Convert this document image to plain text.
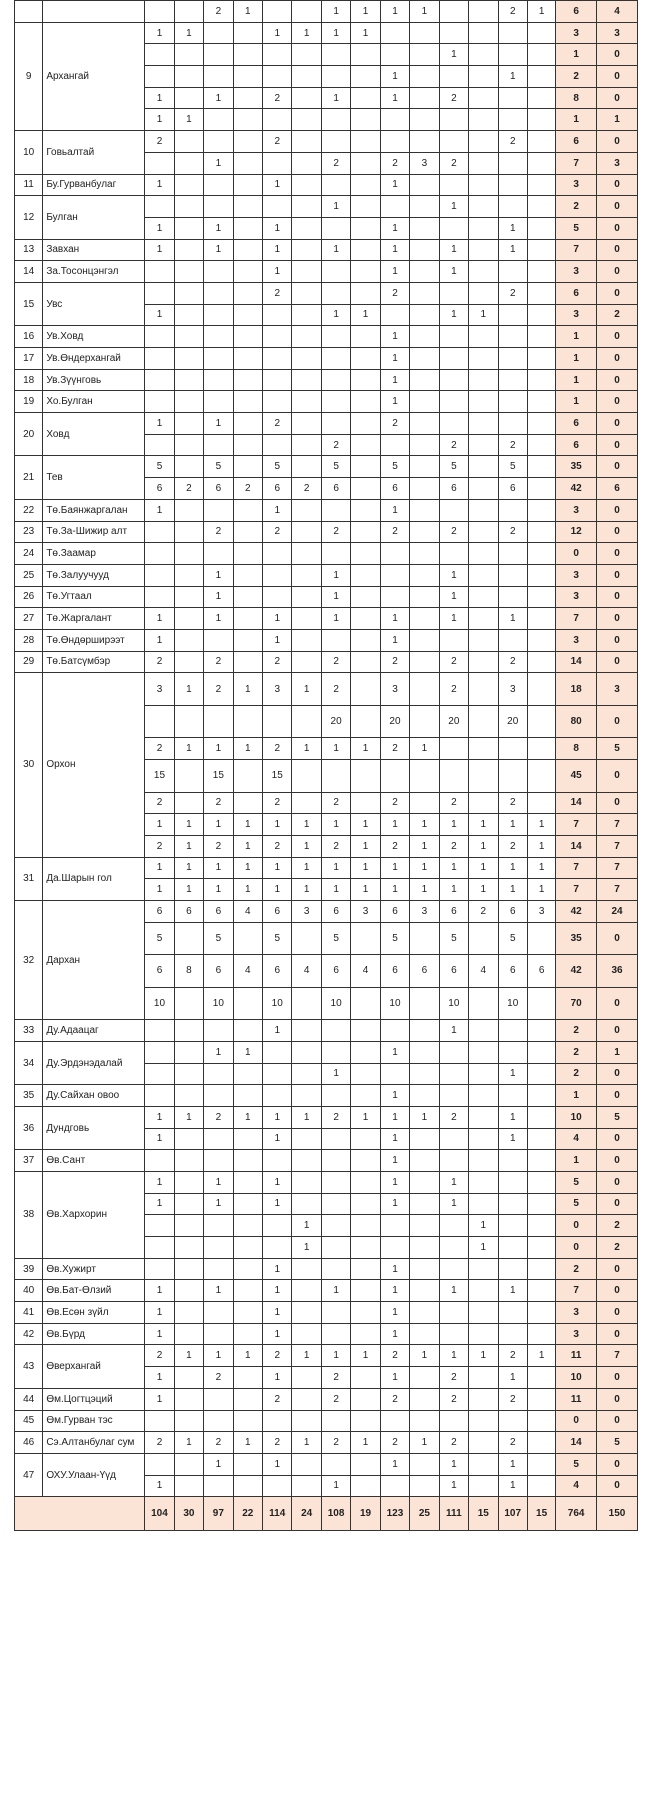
				2	1			1	1	1	1			2	1	6	4
9	Архангай	1	1			1	1	1	1							3	3
												1				1	0
										1				1		2	0
		1		1		2		1		1		2				8	0
		1	1													1	1
10	Говьалтай	2				2								2		6	0
				1				2		2	3	2				7	3
11	Бу.Гурванбулаг	1				1				1						3	0
12	Булган							1				1				2	0
		1		1		1				1				1		5	0
13	Завхан	1		1		1		1		1		1		1		7	0
14	За.Тосонцэнгэл					1				1		1				3	0
15	Увс					2				2				2		6	0
		1						1	1			1	1			3	2
16	Ув.Ховд									1						1	0
17	Ув.Өндерхангай									1						1	0
18	Ув.Зүүнговь									1						1	0
19	Хо.Булган									1						1	0
20	Ховд	1		1		2				2						6	0
								2				2		2		6	0
21	Тев	5		5		5		5		5		5		5		35	0
		6	2	6	2	6	2	6		6		6		6		42	6
22	Тө.Баянжаргалан	1				1				1						3	0
23	Тө.За-Шижир алт			2		2		2		2		2		2		12	0
24	Тө.Заамар															0	0
25	Тө.Залуучууд			1				1				1				3	0
26	Тө.Угтаал			1				1				1				3	0
27	Тө.Жаргалант	1		1		1		1		1		1		1		7	0
28	Тө.Өндөрширээт	1				1				1						3	0
29	Тө.Батсүмбэр	2		2		2		2		2		2		2		14	0
30	Орхон	3	1	2	1	3	1	2		3		2		3		18	3
								20		20		20		20		80	0
		2	1	1	1	2	1	1	1	2	1					8	5
		15		15		15										45	0
		2		2		2		2		2		2		2		14	0
		1	1	1	1	1	1	1	1	1	1	1	1	1	1	7	7
		2	1	2	1	2	1	2	1	2	1	2	1	2	1	14	7
31	Да.Шарын гол	1	1	1	1	1	1	1	1	1	1	1	1	1	1	7	7
		1	1	1	1	1	1	1	1	1	1	1	1	1	1	7	7
32	Дархан	6	6	6	4	6	3	6	3	6	3	6	2	6	3	42	24
		5		5		5		5		5		5		5		35	0
		6	8	6	4	6	4	6	4	6	6	6	4	6	6	42	36
		10		10		10		10		10		10		10		70	0
33	Ду.Адаацаг					1						1				2	0
34	Ду.Эрдэнэдалай			1	1					1						2	1
								1						1		2	0
35	Ду.Сайхан овоо									1						1	0
36	Дундговь	1	1	2	1	1	1	2	1	1	1	2		1		10	5
		1				1				1				1		4	0
37	Өв.Сант									1						1	0
38	Өв.Хархорин	1		1		1				1		1				5	0
		1		1		1				1		1				5	0
							1						1			0	2
							1						1			0	2
39	Өв.Хужирт					1				1						2	0
40	Өв.Бат-Өлзий	1		1		1		1		1		1		1		7	0
41	Өв.Есөн зүйл	1				1				1						3	0
42	Өв.Бүрд	1				1				1						3	0
43	Өверхангай	2	1	1	1	2	1	1	1	2	1	1	1	2	1	11	7
		1		2		1		2		1		2		1		10	0
44	Өм.Цогтцэций	1				2		2		2		2		2		11	0
45	Өм.Гурван тэс															0	0
46	Сэ.Алтанбулаг сум	2	1	2	1	2	1	2	1	2	1	2		2		14	5
47	ОХУ.Улаан-Үүд			1		1				1		1		1		5	0
		1						1				1		1		4	0
		104	30	97	22	114	24	108	19	123	25	111	15	107	15	764	150
